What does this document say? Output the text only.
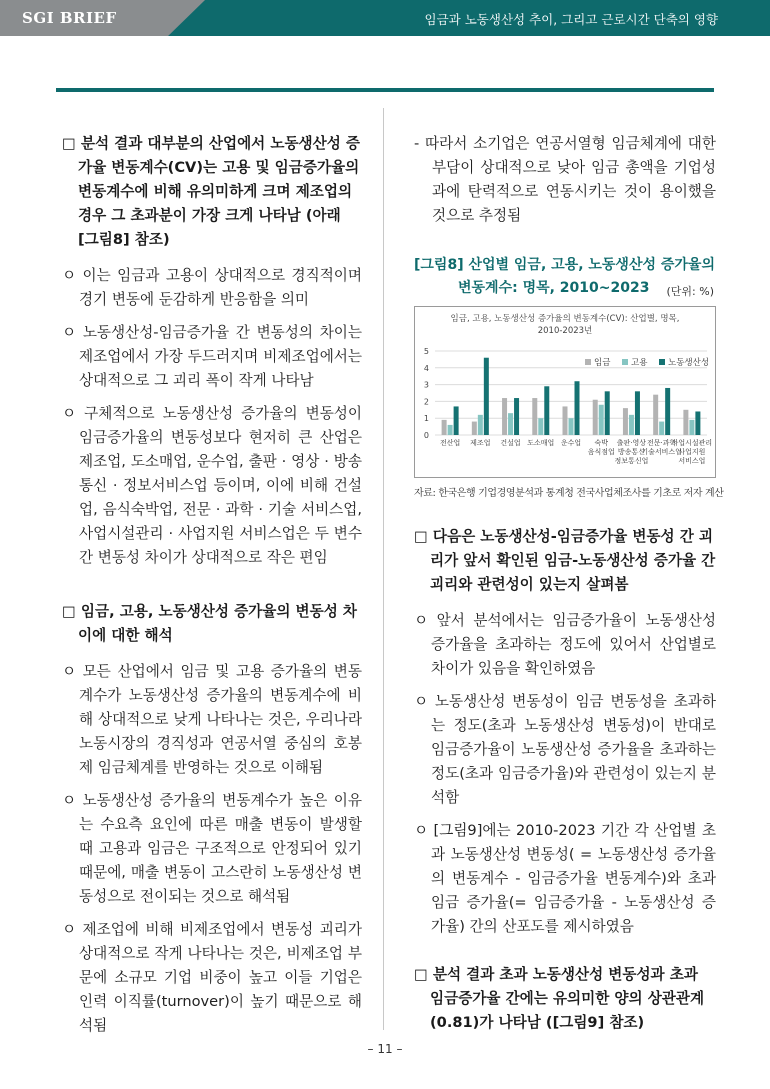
SGI BRIEF	임금과 노동생산성 추이, 그리고 근로시간 단축의 영향

□ 분석 결과 대부분의 산업에서 노동생산성 증가율 변동계수(CV)는 고용 및 임금증가율의 변동계수에 비해 유의미하게 크며 제조업의 경우 그 초과분이 가장 크게 나타남 (아래 [그림8] 참조)

ㅇ 이는 임금과 고용이 상대적으로 경직적이며 경기 변동에 둔감하게 반응함을 의미

ㅇ 노동생산성-임금증가율 간 변동성의 차이는 제조업에서 가장 두드러지며 비제조업에서는 상대적으로 그 괴리 폭이 작게 나타남

ㅇ 구체적으로 노동생산성 증가율의 변동성이 임금증가율의 변동성보다 현저히 큰 산업은 제조업, 도소매업, 운수업, 출판 · 영상 · 방송통신 · 정보서비스업 등이며, 이에 비해 건설업, 음식숙박업, 전문 · 과학 · 기술 서비스업, 사업시설관리 · 사업지원 서비스업은 두 변수 간 변동성 차이가 상대적으로 작은 편임

□ 임금, 고용, 노동생산성 증가율의 변동성 차이에 대한 해석

ㅇ 모든 산업에서 임금 및 고용 증가율의 변동계수가 노동생산성 증가율의 변동계수에 비해 상대적으로 낮게 나타나는 것은, 우리나라 노동시장의 경직성과 연공서열 중심의 호봉제 임금체계를 반영하는 것으로 이해됨

ㅇ 노동생산성 증가율의 변동계수가 높은 이유는 수요측 요인에 따른 매출 변동이 발생할 때 고용과 임금은 구조적으로 안정되어 있기 때문에, 매출 변동이 고스란히 노동생산성 변동성으로 전이되는 것으로 해석됨

ㅇ 제조업에 비해 비제조업에서 변동성 괴리가 상대적으로 작게 나타나는 것은, 비제조업 부문에 소규모 기업 비중이 높고 이들 기업은 인력 이직률(turnover)이 높기 때문으로 해석됨

- 따라서 소기업은 연공서열형 임금체계에 대한 부담이 상대적으로 낮아 임금 총액을 기업성과에 탄력적으로 연동시키는 것이 용이했을 것으로 추정됨

[그림8] 산업별 임금, 고용, 노동생산성 증가율의

변동계수: 명목, 2010~2023 (단위: %)
임금, 고용, 노동생산성 증가율의 변동계수(CV): 산업별, 명목,
2010-2023년
0
1
2
3
4
5
임금 고용 노동생산성
전산업 제조업 건설업 도소매업 운수업 숙박
음식점업
출판·영상
방송통신
정보통신업
전문·과학
기술서비스업
사업시설관리
사업지원
서비스업
자료: 한국은행 기업경영분석과 통계청 전국사업체조사를 기초로 저자 계산

□ 다음은 노동생산성-임금증가율 변동성 간 괴리가 앞서 확인된 임금-노동생산성 증가율 간 괴리와 관련성이 있는지 살펴봄

ㅇ 앞서 분석에서는 임금증가율이 노동생산성 증가율을 초과하는 정도에 있어서 산업별로 차이가 있음을 확인하였음

ㅇ 노동생산성 변동성이 임금 변동성을 초과하는 정도(초과 노동생산성 변동성)이 반대로 임금증가율이 노동생산성 증가율을 초과하는 정도(초과 임금증가율)와 관련성이 있는지 분석함

ㅇ [그림9]에는 2010-2023 기간 각 산업별 초과 노동생산성 변동성( = 노동생산성 증가율의 변동계수 - 임금증가율 변동계수)와 초과 임금 증가율(= 임금증가율 - 노동생산성 증가율) 간의 산포도를 제시하였음

□ 분석 결과 초과 노동생산성 변동성과 초과 임금증가율 간에는 유의미한 양의 상관관계(0.81)가 나타남 ([그림9] 참조)

– 11 –
